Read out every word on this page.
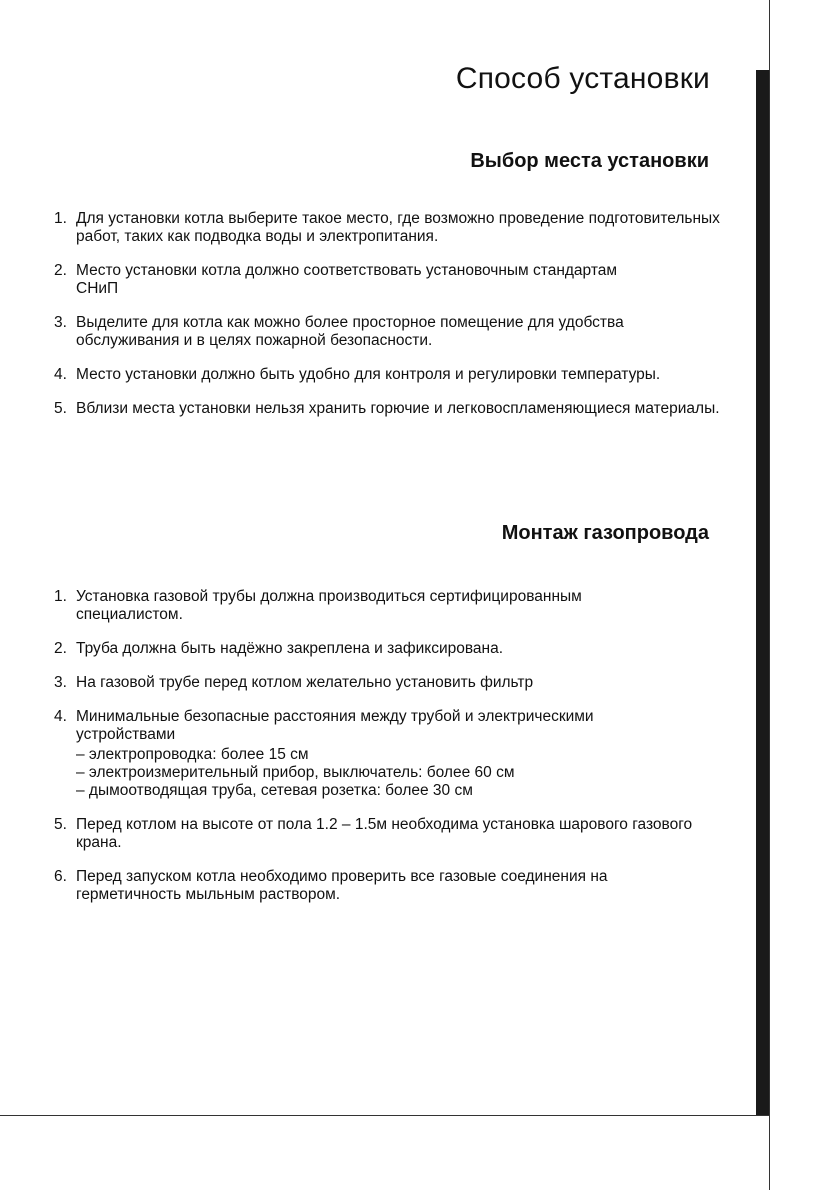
Способ установки
Выбор места установки
1. Для установки котла выберите такое место, где возможно проведение подготовительных работ, таких как подводка воды и электропитания.
2. Место установки котла должно соответствовать установочным стандартам СНиП
3. Выделите для котла как можно более просторное помещение для удобства обслуживания и в целях пожарной безопасности.
4. Место установки должно быть удобно для контроля и регулировки температуры.
5. Вблизи места установки нельзя хранить горючие и легковоспламеняющиеся материалы.
Монтаж газопровода
1. Установка газовой трубы должна производиться сертифицированным специалистом.
2. Труба должна быть надёжно закреплена и зафиксирована.
3. На газовой трубе перед котлом желательно установить фильтр
4. Минимальные безопасные расстояния между трубой и электрическими устройствами
– электропроводка: более 15 см
– электроизмерительный прибор, выключатель: более 60 см
– дымоотводящая труба, сетевая розетка: более 30 см
5. Перед котлом на высоте от пола 1.2 – 1.5м необходима установка шарового газового крана.
6. Перед запуском котла необходимо проверить все газовые соединения на герметичность мыльным раствором.
